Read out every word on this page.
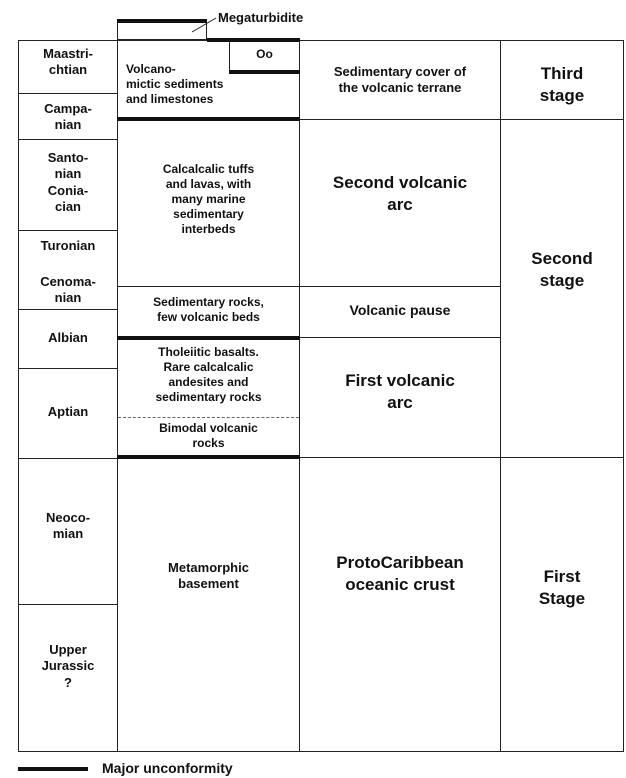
Megaturbidite
Maastri-
chtian
Campa-
nian
Santo-
nian
Conia-
cian
Turonian
Cenoma-
nian
Albian
Aptian
Neoco-
mian
Upper
Jurassic
?
Oo
Volcano-
mictic sediments
and limestones
Calcalcalic tuffs
and lavas, with
many marine
sedimentary
interbeds
Sedimentary rocks,
few volcanic beds
Tholeiitic basalts.
Rare calcalcalic
andesites and
sedimentary rocks
Bimodal volcanic
rocks
Metamorphic
basement
Sedimentary cover of
the volcanic terrane
Second volcanic
arc
Volcanic pause
First volcanic
arc
ProtoCaribbean
oceanic crust
Third
stage
Second
stage
First
Stage
Major unconformity
